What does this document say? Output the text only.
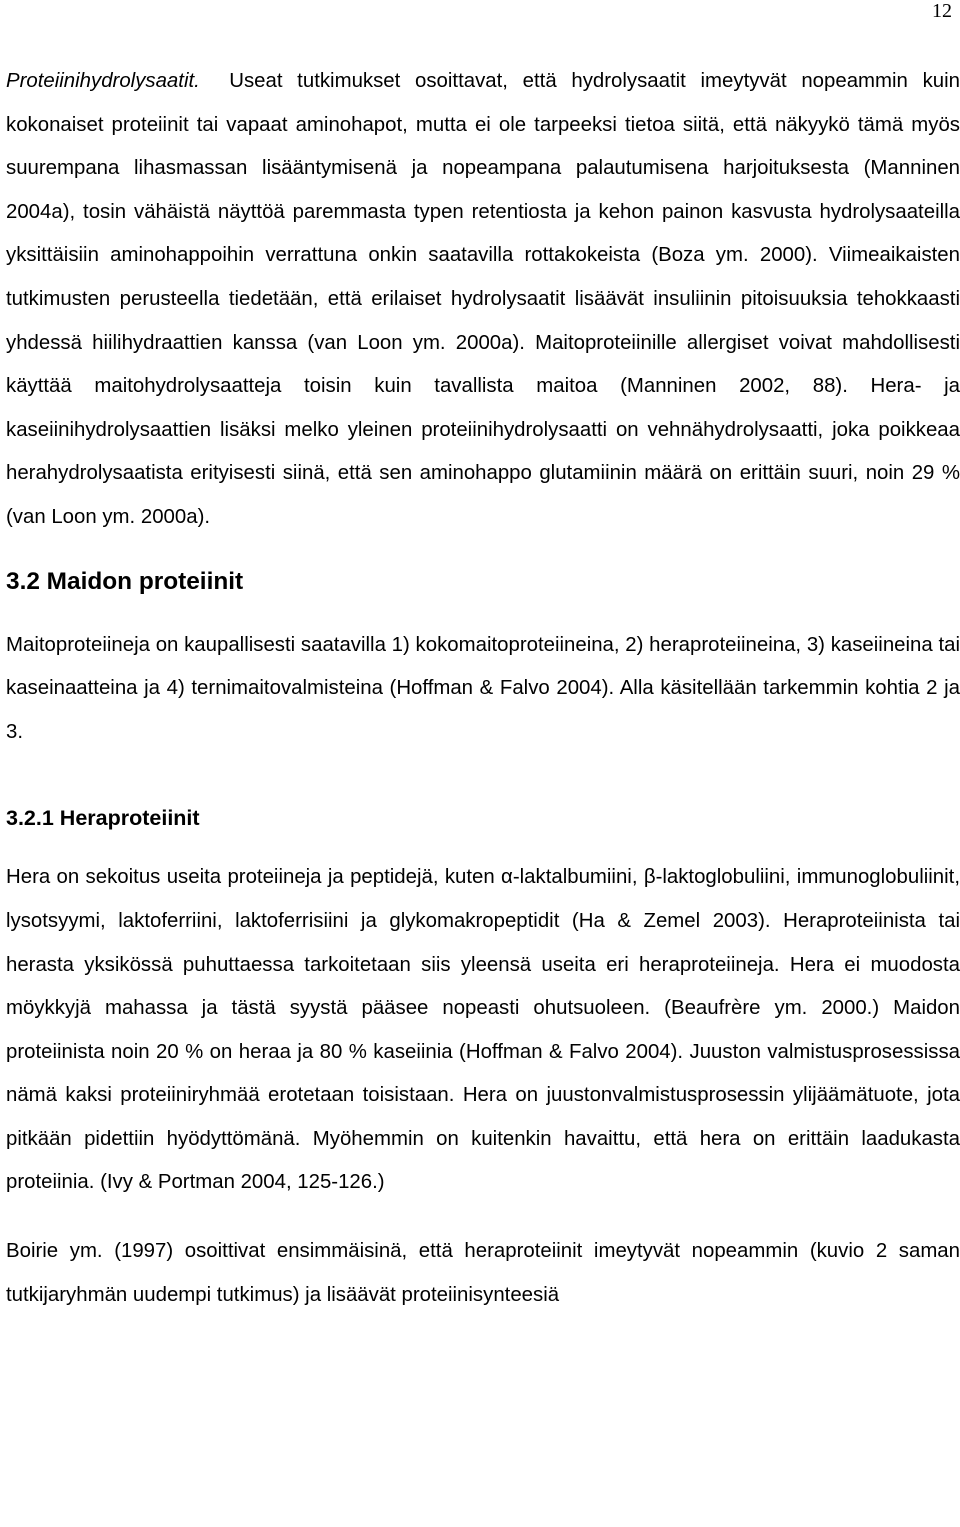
12

Proteiinihydrolysaatit. Useat tutkimukset osoittavat, että hydrolysaatit imeytyvät nopeammin kuin kokonaiset proteiinit tai vapaat aminohapot, mutta ei ole tarpeeksi tietoa siitä, että näkyykö tämä myös suurempana lihasmassan lisääntymisenä ja nopeampana palautumisena harjoituksesta (Manninen 2004a), tosin vähäistä näyttöä paremmasta typen retentiosta ja kehon painon kasvusta hydrolysaateilla yksittäisiin aminohappoihin verrattuna onkin saatavilla rottakokeista (Boza ym. 2000). Viimeaikaisten tutkimusten perusteella tiedetään, että erilaiset hydrolysaatit lisäävät insuliinin pitoisuuksia tehokkaasti yhdessä hiilihydraattien kanssa (van Loon ym. 2000a). Maitoproteiinille allergiset voivat mahdollisesti käyttää maitohydrolysaatteja toisin kuin tavallista maitoa (Manninen 2002, 88). Hera- ja kaseiinihydrolysaattien lisäksi melko yleinen proteiinihydrolysaatti on vehnähydrolysaatti, joka poikkeaa herahydrolysaatista erityisesti siinä, että sen aminohappo glutamiinin määrä on erittäin suuri, noin 29 % (van Loon ym. 2000a).

3.2 Maidon proteiinit

Maitoproteiineja on kaupallisesti saatavilla 1) kokomaitoproteiineina, 2) heraproteiineina, 3) kaseiineina tai kaseinaatteina ja 4) ternimaitovalmisteina (Hoffman & Falvo 2004). Alla käsitellään tarkemmin kohtia 2 ja 3.

3.2.1 Heraproteiinit

Hera on sekoitus useita proteiineja ja peptidejä, kuten α-laktalbumiini, β-laktoglobuliini, immunoglobuliinit, lysotsyymi, laktoferriini, laktoferrisiini ja glykomakropeptidit (Ha & Zemel 2003). Heraproteiinista tai herasta yksikössä puhuttaessa tarkoitetaan siis yleensä useita eri heraproteiineja. Hera ei muodosta möykkyjä mahassa ja tästä syystä pääsee nopeasti ohutsuoleen. (Beaufrère ym. 2000.) Maidon proteiinista noin 20 % on heraa ja 80 % kaseiinia (Hoffman & Falvo 2004). Juuston valmistusprosessissa nämä kaksi proteiiniryhmää erotetaan toisistaan. Hera on juustonvalmistusprosessin ylijäämätuote, jota pitkään pidettiin hyödyttömänä. Myöhemmin on kuitenkin havaittu, että hera on erittäin laadukasta proteiinia. (Ivy & Portman 2004, 125-126.)

Boirie ym. (1997) osoittivat ensimmäisinä, että heraproteiinit imeytyvät nopeammin (kuvio 2 saman tutkijaryhmän uudempi tutkimus) ja lisäävät proteiinisynteesiä
